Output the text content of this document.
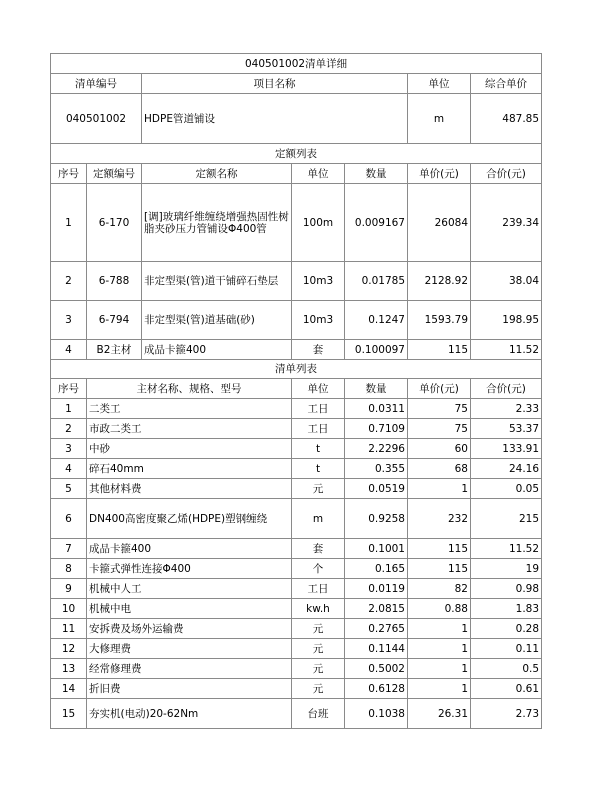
040501002清单详细						
清单编号		项目名称			单位	综合单价
040501002		HDPE管道铺设			m	487.85
定额列表						
序号	定额编号	定额名称	单位	数量	单价(元)	合价(元)
1	6-170	[调]玻璃纤维缠绕增强热固性树脂夹砂压力管铺设Φ400管	100m	0.009167	26084	239.34
2	6-788	非定型渠(管)道干铺碎石垫层	10m3	0.01785	2128.92	38.04
3	6-794	非定型渠(管)道基础(砂)	10m3	0.1247	1593.79	198.95
4	B2主材	成品卡箍400	套	0.100097	115	11.52
清单列表						
序号	主材名称、规格、型号		单位	数量	单价(元)	合价(元)
1	二类工		工日	0.0311	75	2.33
2	市政二类工		工日	0.7109	75	53.37
3	中砂		t	2.2296	60	133.91
4	碎石40mm		t	0.355	68	24.16
5	其他材料费		元	0.0519	1	0.05
6	DN400高密度聚乙烯(HDPE)塑钢缠绕		m	0.9258	232	215
7	成品卡箍400		套	0.1001	115	11.52
8	卡箍式弹性连接Φ400		个	0.165	115	19
9	机械中人工		工日	0.0119	82	0.98
10	机械中电		kw.h	2.0815	0.88	1.83
11	安拆费及场外运输费		元	0.2765	1	0.28
12	大修理费		元	0.1144	1	0.11
13	经常修理费		元	0.5002	1	0.5
14	折旧费		元	0.6128	1	0.61
15	夯实机(电动)20-62Nm		台班	0.1038	26.31	2.73
